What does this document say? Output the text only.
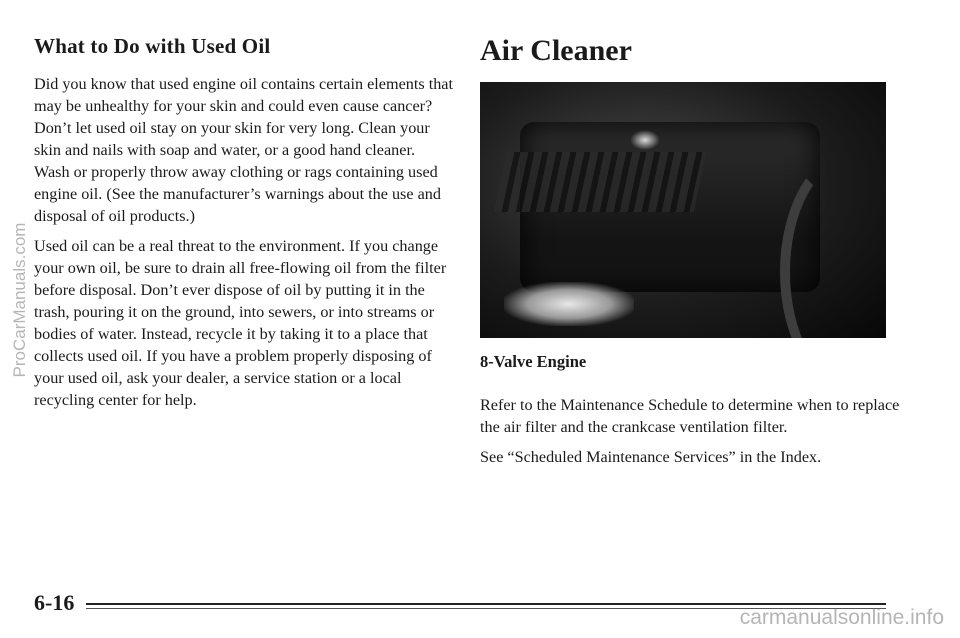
What to Do with Used Oil

Did you know that used engine oil contains certain elements that may be unhealthy for your skin and could even cause cancer? Don’t let used oil stay on your skin for very long. Clean your skin and nails with soap and water, or a good hand cleaner. Wash or properly throw away clothing or rags containing used engine oil. (See the manufacturer’s warnings about the use and disposal of oil products.)

Used oil can be a real threat to the environment. If you change your own oil, be sure to drain all free-flowing oil from the filter before disposal. Don’t ever dispose of oil by putting it in the trash, pouring it on the ground, into sewers, or into streams or bodies of water. Instead, recycle it by taking it to a place that collects used oil. If you have a problem properly disposing of your used oil, ask your dealer, a service station or a local recycling center for help.

Air Cleaner
8-Valve Engine

Refer to the Maintenance Schedule to determine when to replace the air filter and the crankcase ventilation filter.

See “Scheduled Maintenance Services” in the Index.

6-16
ProCarManuals.com
carmanualsonline.info
